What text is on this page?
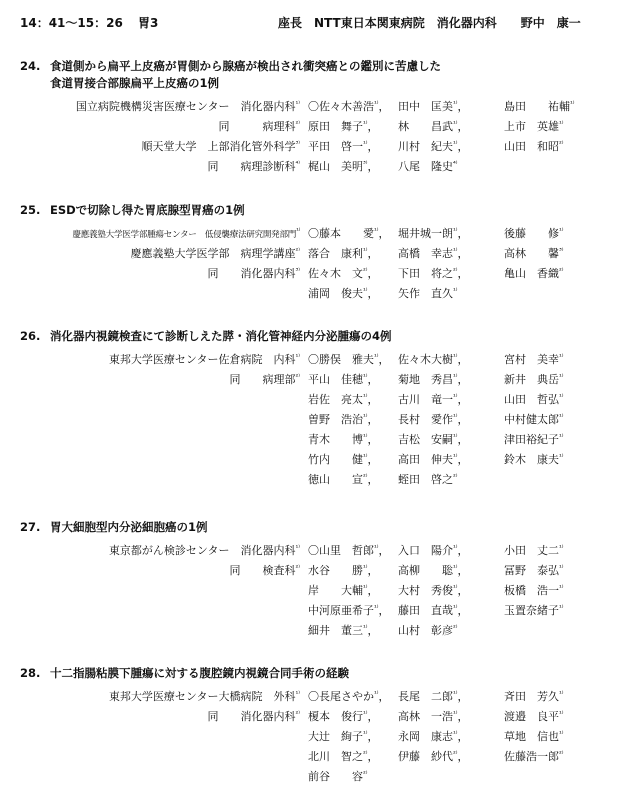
14：41〜15：26 胃3	座長　NTT東日本関東病院　消化器内科　　野中　康一
24. 食道側から扁平上皮癌が胃側から腺癌が検出され衝突癌との鑑別に苦慮した
食道胃接合部腺扁平上皮癌の1例
国立病院機構災害医療センター　消化器内科$^{^{1)}}$ 〇佐々木善浩$^{^{1)}}$， 田中　匡美$^{^{1)}}$，	島田　　祐輔$^{^{1)}}$
同　　　病理科$^{^{2)}}$ 原田　舞子$^{^{1)}}$， 林　　昌武$^{^{1)}}$，	上市　英雄$^{^{1)}}$
順天堂大学　上部消化管外科学$^{^{3)}}$ 平田　啓一$^{^{1)}}$， 川村　紀夫$^{^{1)}}$，	山田　和昭$^{^{2)}}$
同　　病理診断科$^{^{4)}}$ 梶山　美明$^{^{3)}}$， 八尾　隆史$^{^{4)}}$
25. ESDで切除し得た胃底腺型胃癌の1例
慶應義塾大学医学部腫瘍センター　低侵襲療法研究開発部門$^{^{1)}}$ 〇藤本　　愛$^{^{1)}}$， 堀井城一朗$^{^{1)}}$，	後藤　　修$^{^{1)}}$
慶應義塾大学医学部　病理学講座$^{^{2)}}$ 落合　康利$^{^{1)}}$， 高橋　幸志$^{^{1)}}$，	高林　　馨$^{^{3)}}$
同　　消化器内科$^{^{3)}}$ 佐々木　文$^{^{2)}}$， 下田　将之$^{^{2)}}$，	亀山　香織$^{^{2)}}$
浦岡　俊夫$^{^{1)}}$， 矢作　直久$^{^{1)}}$
26. 消化器内視鏡検査にて診断しえた膵・消化管神経内分泌腫瘍の4例
東邦大学医療センター佐倉病院　内科$^{^{1)}}$ 〇勝俣　雅夫$^{^{1)}}$， 佐々木大樹$^{^{1)}}$，	宮村　美幸$^{^{1)}}$
同　　病理部$^{^{2)}}$ 平山　佳穂$^{^{1)}}$， 菊地　秀昌$^{^{1)}}$，	新井　典岳$^{^{1)}}$
岩佐　亮太$^{^{1)}}$， 古川　竜一$^{^{1)}}$，	山田　哲弘$^{^{1)}}$
曽野　浩治$^{^{1)}}$， 長村　愛作$^{^{1)}}$，	中村健太郎$^{^{1)}}$
青木　　博$^{^{1)}}$， 吉松　安嗣$^{^{1)}}$，	津田裕紀子$^{^{1)}}$
竹内　　健$^{^{1)}}$， 高田　伸夫$^{^{1)}}$，	鈴木　康夫$^{^{1)}}$
徳山　　宣$^{^{2)}}$， 蛭田　啓之$^{^{2)}}$
27. 胃大細胞型内分泌細胞癌の1例
東京都がん検診センター　消化器内科$^{^{1)}}$ 〇山里　哲郎$^{^{1)}}$， 入口　陽介$^{^{1)}}$，	小田　丈二$^{^{1)}}$
同　　検査科$^{^{2)}}$ 水谷　　勝$^{^{1)}}$， 高柳　　聡$^{^{1)}}$，	冨野　泰弘$^{^{1)}}$
岸　　大輔$^{^{1)}}$， 大村　秀俊$^{^{1)}}$，	板橋　浩一$^{^{1)}}$
中河原亜希子$^{^{1)}}$， 藤田　直哉$^{^{1)}}$，	玉置奈緒子$^{^{1)}}$
細井　董三$^{^{1)}}$， 山村　彰彦$^{^{2)}}$
28. 十二指腸粘膜下腫瘍に対する腹腔鏡内視鏡合同手術の経験
東邦大学医療センター大橋病院　外科$^{^{1)}}$ 〇長尾さやか$^{^{1)}}$， 長尾　二郎$^{^{1)}}$，	斉田　芳久$^{^{1)}}$
同　　消化器内科$^{^{2)}}$ 榎本　俊行$^{^{1)}}$， 高林　一浩$^{^{1)}}$，	渡邉　良平$^{^{1)}}$
大辻　絢子$^{^{1)}}$， 永岡　康志$^{^{1)}}$，	草地　信也$^{^{1)}}$
北川　智之$^{^{2)}}$， 伊藤　紗代$^{^{2)}}$，	佐藤浩一郎$^{^{2)}}$
前谷　　容$^{^{2)}}$
